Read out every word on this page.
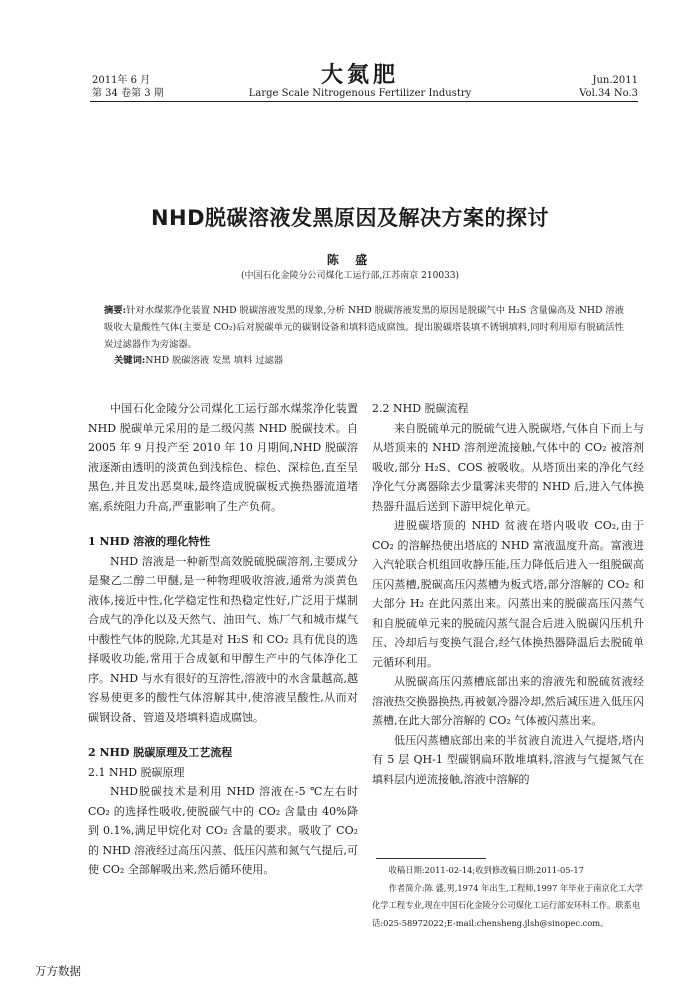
2011年 6 月
第 34 卷第 3 期
大氮肥
Large Scale Nitrogenous Fertilizer Industry
Jun.2011
Vol.34 No.3
NHD脱碳溶液发黑原因及解决方案的探讨
陈 盛
(中国石化金陵分公司煤化工运行部,江苏南京 210033)
摘要:针对水煤浆净化装置 NHD 脱碳溶液发黑的现象,分析 NHD 脱碳溶液发黑的原因是脱碳气中 H₂S 含量偏高及 NHD 溶液吸收大量酸性气体(主要是 CO₂)后对脱碳单元的碳钢设备和填料造成腐蚀。提出脱碳塔装填不锈钢填料,同时利用原有脱硫活性炭过滤器作为旁滤器。
关键词:NHD 脱碳溶液 发黑 填料 过滤器

中国石化金陵分公司煤化工运行部水煤浆净化装置 NHD 脱碳单元采用的是二级闪蒸 NHD 脱碳技术。自 2005 年 9 月投产至 2010 年 10 月期间,NHD 脱碳溶液逐渐由透明的淡黄色到浅棕色、棕色、深棕色,直至呈黑色,并且发出恶臭味,最终造成脱碳板式换热器流道堵塞,系统阻力升高,严重影响了生产负荷。

1 NHD 溶液的理化特性

NHD 溶液是一种新型高效脱硫脱碳溶剂,主要成分是聚乙二醇二甲醚,是一种物理吸收溶液,通常为淡黄色液体,接近中性,化学稳定性和热稳定性好,广泛用于煤制合成气的净化以及天然气、油田气、炼厂气和城市煤气中酸性气体的脱除,尤其是对 H₂S 和 CO₂ 具有优良的选择吸收功能,常用于合成氨和甲醇生产中的气体净化工序。NHD 与水有很好的互溶性,溶液中的水含量越高,越容易使更多的酸性气体溶解其中,使溶液呈酸性,从而对碳钢设备、管道及塔填料造成腐蚀。

2 NHD 脱碳原理及工艺流程
2.1 NHD 脱碳原理

NHD脱碳技术是利用 NHD 溶液在-5 ℃左右时 CO₂ 的选择性吸收,使脱碳气中的 CO₂ 含量由 40%降到 0.1%,满足甲烷化对 CO₂ 含量的要求。吸收了 CO₂ 的 NHD 溶液经过高压闪蒸、低压闪蒸和氮气气提后,可使 CO₂ 全部解吸出来,然后循环使用。

2.2 NHD 脱碳流程

来自脱硫单元的脱硫气进入脱碳塔,气体自下而上与从塔顶来的 NHD 溶剂逆流接触,气体中的 CO₂ 被溶剂吸收,部分 H₂S、COS 被吸收。从塔顶出来的净化气经净化气分离器除去少量雾沫夹带的 NHD 后,进入气体换热器升温后送到下游甲烷化单元。

进脱碳塔顶的 NHD 贫液在塔内吸收 CO₂,由于 CO₂ 的溶解热使出塔底的 NHD 富液温度升高。富液进入汽轮联合机组回收静压能,压力降低后进入一组脱碳高压闪蒸槽,脱碳高压闪蒸槽为板式塔,部分溶解的 CO₂ 和大部分 H₂ 在此闪蒸出来。闪蒸出来的脱碳高压闪蒸气和自脱硫单元来的脱硫闪蒸气混合后进入脱碳闪压机升压、冷却后与变换气混合,经气体换热器降温后去脱硫单元循环利用。

从脱碳高压闪蒸槽底部出来的溶液先和脱硫贫液经溶液热交换器换热,再被氨冷器冷却,然后减压进入低压闪蒸槽,在此大部分溶解的 CO₂ 气体被闪蒸出来。

低压闪蒸槽底部出来的半贫液自流进入气提塔,塔内有 5 层 QH-1 型碳钢扁环散堆填料,溶液与气提氮气在填料层内逆流接触,溶液中溶解的

收稿日期:2011-02-14;收到修改稿日期:2011-05-17

作者简介:陈 盛,男,1974 年出生,工程师,1997 年毕业于南京化工大学化学工程专业,现在中国石化金陵分公司煤化工运行部安环科工作。联系电话:025-58972022;E-mail:chensheng.jlsh@sinopec.com。

万方数据
